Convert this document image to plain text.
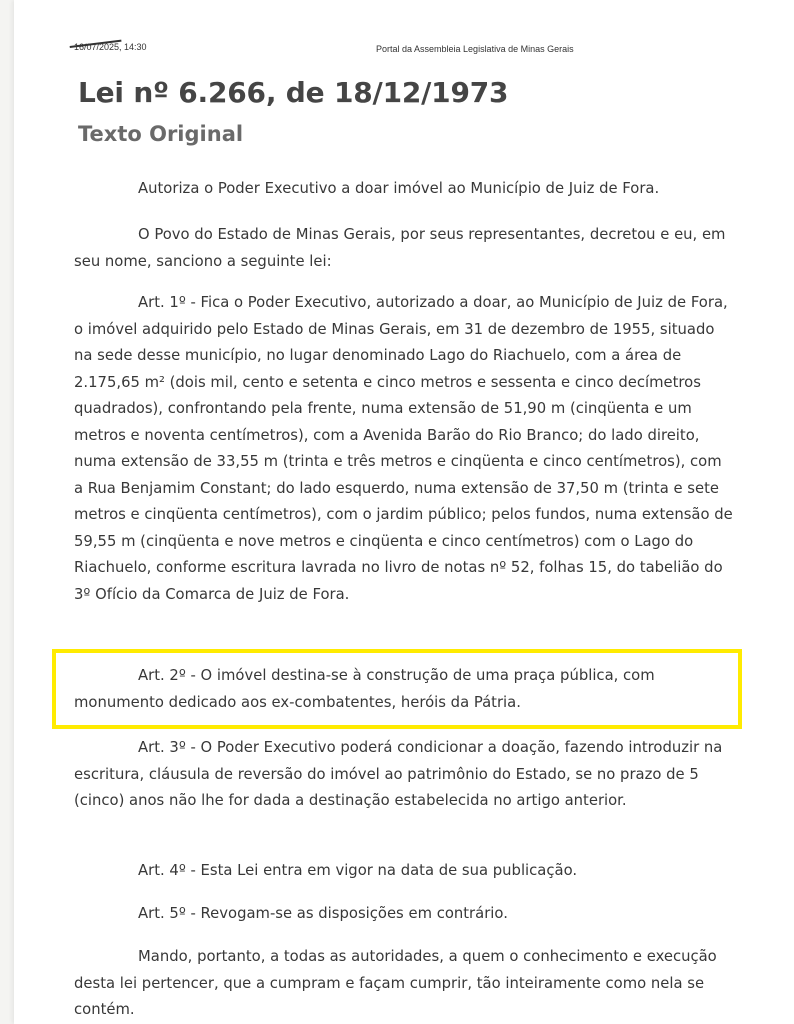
16/07/2025, 14:30	Portal da Assembleia Legislativa de Minas Gerais
Lei nº 6.266, de 18/12/1973
Texto Original

Autoriza o Poder Executivo a doar imóvel ao Município de Juiz de Fora.

O Povo do Estado de Minas Gerais, por seus representantes, decretou e eu, em seu nome, sanciono a seguinte lei:

Art. 1º - Fica o Poder Executivo, autorizado a doar, ao Município de Juiz de Fora, o imóvel adquirido pelo Estado de Minas Gerais, em 31 de dezembro de 1955, situado na sede desse município, no lugar denominado Lago do Riachuelo, com a área de 2.175,65 m² (dois mil, cento e setenta e cinco metros e sessenta e cinco decímetros quadrados), confrontando pela frente, numa extensão de 51,90 m (cinqüenta e um metros e noventa centímetros), com a Avenida Barão do Rio Branco; do lado direito, numa extensão de 33,55 m (trinta e três metros e cinqüenta e cinco centímetros), com a Rua Benjamim Constant; do lado esquerdo, numa extensão de 37,50 m (trinta e sete metros e cinqüenta centímetros), com o jardim público; pelos fundos, numa extensão de 59,55 m (cinqüenta e nove metros e cinqüenta e cinco centímetros) com o Lago do Riachuelo, conforme escritura lavrada no livro de notas nº 52, folhas 15, do tabelião do 3º Ofício da Comarca de Juiz de Fora.

Art. 2º - O imóvel destina-se à construção de uma praça pública, com monumento dedicado aos ex-combatentes, heróis da Pátria.

Art. 3º - O Poder Executivo poderá condicionar a doação, fazendo introduzir na escritura, cláusula de reversão do imóvel ao patrimônio do Estado, se no prazo de 5 (cinco) anos não lhe for dada a destinação estabelecida no artigo anterior.

Art. 4º - Esta Lei entra em vigor na data de sua publicação.

Art. 5º - Revogam-se as disposições em contrário.

Mando, portanto, a todas as autoridades, a quem o conhecimento e execução desta lei pertencer, que a cumpram e façam cumprir, tão inteiramente como nela se contém.
